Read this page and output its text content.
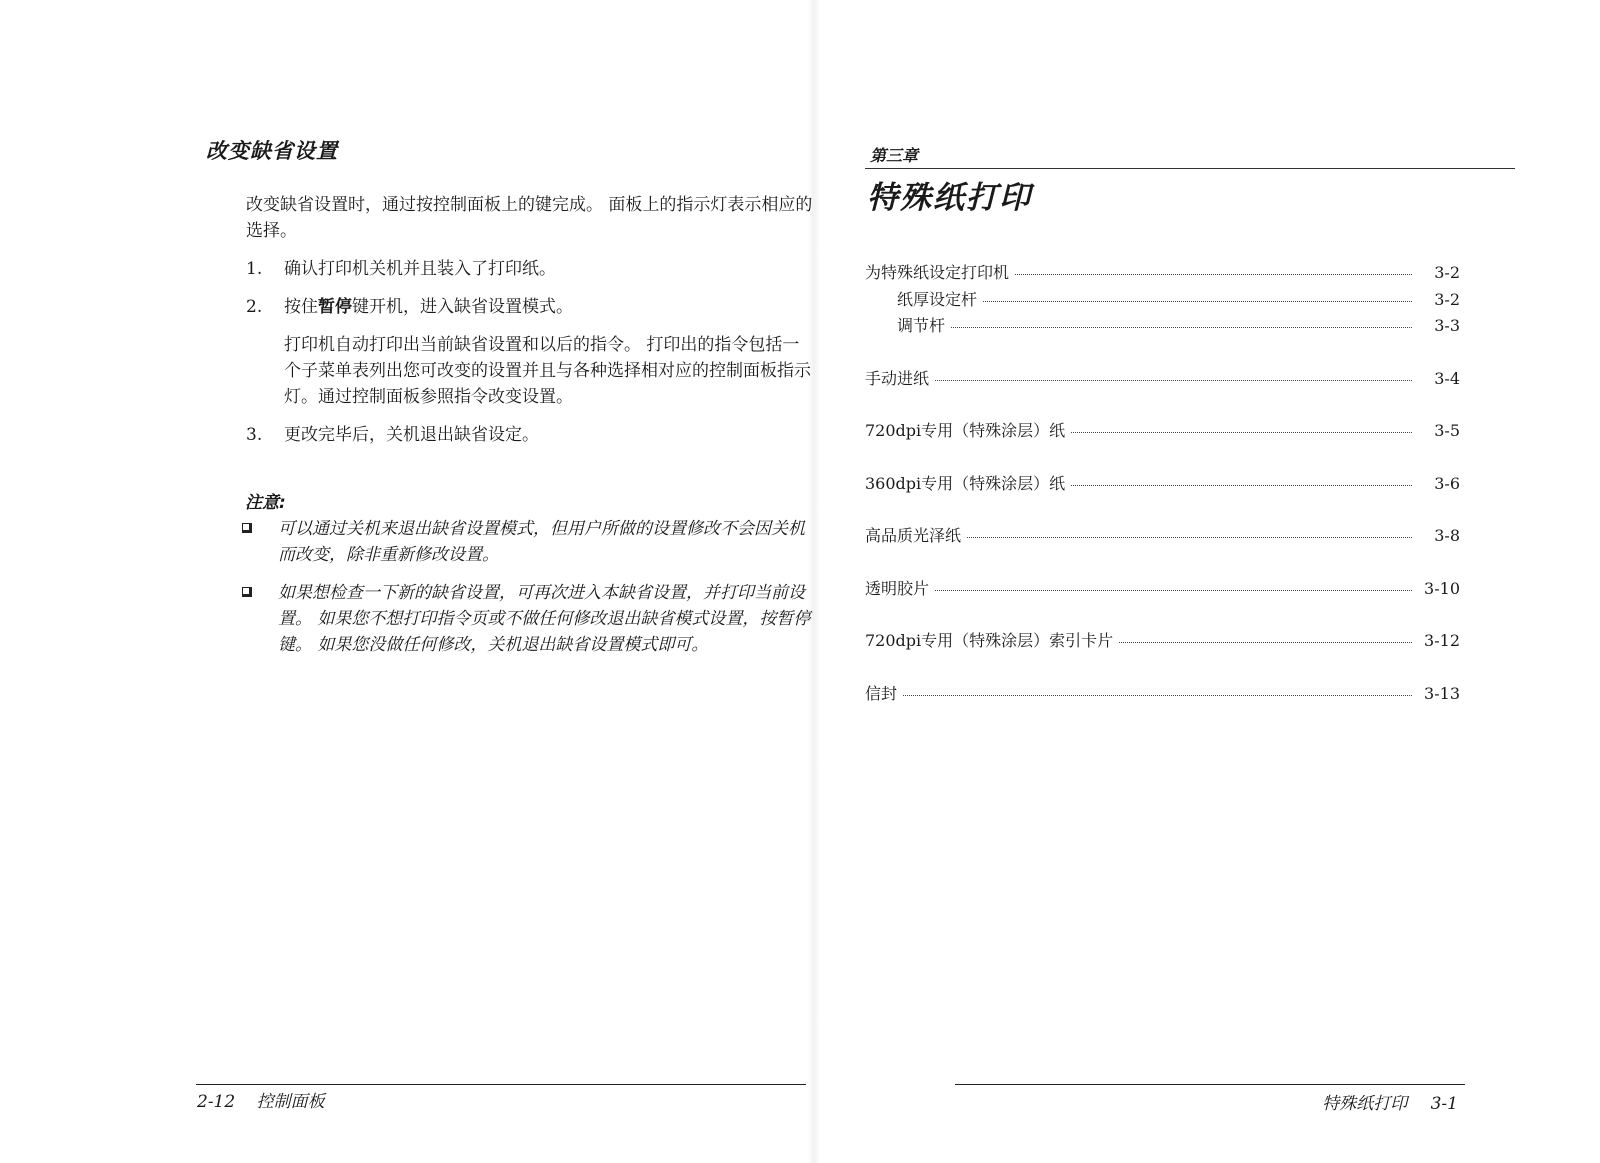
改变缺省设置

改变缺省设置时，通过按控制面板上的键完成。 面板上的指示灯表示相应的选择。

1.	确认打印机关机并且装入了打印纸。
2.	按住暂停键开机，进入缺省设置模式。
打印机自动打印出当前缺省设置和以后的指令。 打印出的指令包括一个子菜单表列出您可改变的设置并且与各种选择相对应的控制面板指示灯。通过控制面板参照指令改变设置。
3.	更改完毕后，关机退出缺省设定。
注意:
可以通过关机来退出缺省设置模式，但用户所做的设置修改不会因关机而改变，除非重新修改设置。
如果想检查一下新的缺省设置，可再次进入本缺省设置，并打印当前设置。 如果您不想打印指令页或不做任何修改退出缺省模式设置，按暂停键。 如果您没做任何修改，关机退出缺省设置模式即可。
2-12 控制面板
第三章
特殊纸打印
为特殊纸设定打印机	3-2
纸厚设定杆	3-2
调节杆	3-3
手动进纸	3-4
720dpi专用（特殊涂层）纸	3-5
360dpi专用（特殊涂层）纸	3-6
高品质光泽纸	3-8
透明胶片	3-10
720dpi专用（特殊涂层）索引卡片	3-12
信封	3-13
特殊纸打印 3-1
